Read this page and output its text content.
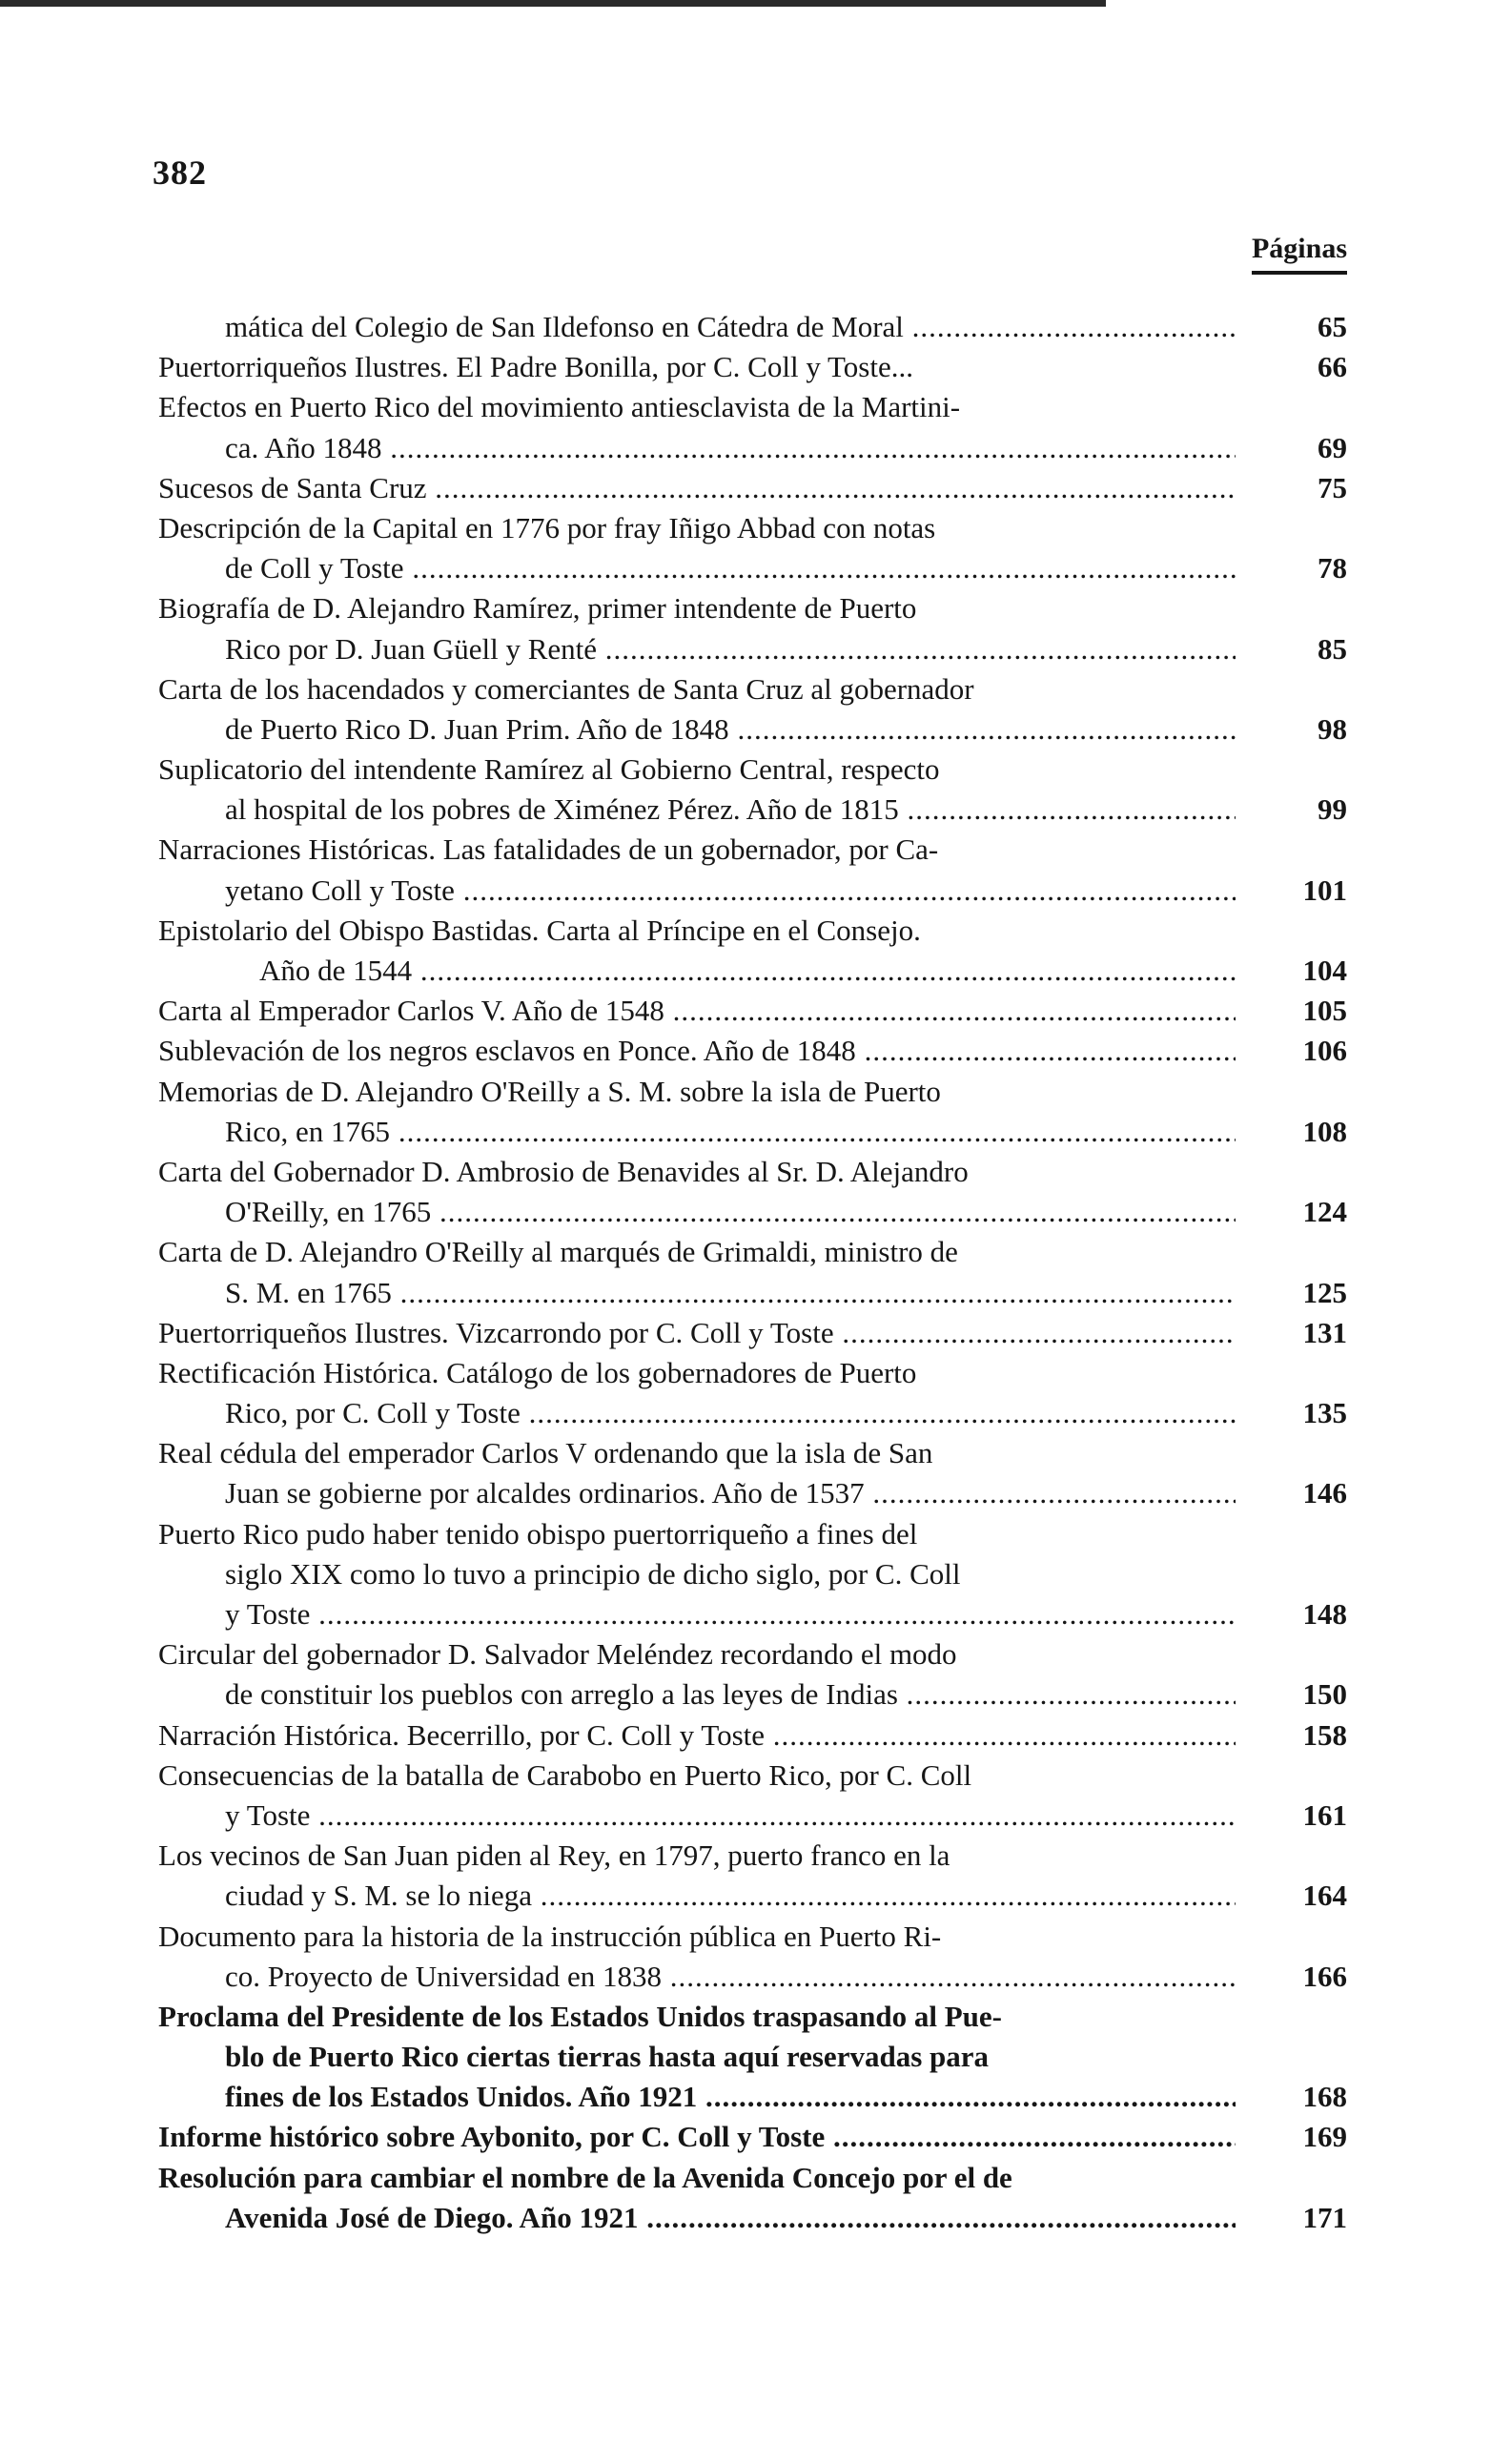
382
Páginas
mática del Colegio de San Ildefonso en Cátedra de Moral .....	65
Puertorriqueños Ilustres. El Padre Bonilla, por C. Coll y Toste...	66
Efectos en Puerto Rico del movimiento antiesclavista de la Martini-
ca. Año 1848 .....	69
Sucesos de Santa Cruz .....	75
Descripción de la Capital en 1776 por fray Iñigo Abbad con notas
de Coll y Toste .....	78
Biografía de D. Alejandro Ramírez, primer intendente de Puerto
Rico por D. Juan Güell y Renté .....	85
Carta de los hacendados y comerciantes de Santa Cruz al gobernador
de Puerto Rico D. Juan Prim. Año de 1848 .....	98
Suplicatorio del intendente Ramírez al Gobierno Central, respecto
al hospital de los pobres de Ximénez Pérez. Año de 1815 .....	99
Narraciones Históricas. Las fatalidades de un gobernador, por Ca-
yetano Coll y Toste .....	101
Epistolario del Obispo Bastidas. Carta al Príncipe en el Consejo.
Año de 1544 .....	104
Carta al Emperador Carlos V. Año de 1548 .....	105
Sublevación de los negros esclavos en Ponce. Año de 1848 .....	106
Memorias de D. Alejandro O'Reilly a S. M. sobre la isla de Puerto
Rico, en 1765 .....	108
Carta del Gobernador D. Ambrosio de Benavides al Sr. D. Alejandro
O'Reilly, en 1765 .....	124
Carta de D. Alejandro O'Reilly al marqués de Grimaldi, ministro de
S. M. en 1765 .....	125
Puertorriqueños Ilustres. Vizcarrondo por C. Coll y Toste .....	131
Rectificación Histórica. Catálogo de los gobernadores de Puerto
Rico, por C. Coll y Toste .....	135
Real cédula del emperador Carlos V ordenando que la isla de San
Juan se gobierne por alcaldes ordinarios. Año de 1537 .....	146
Puerto Rico pudo haber tenido obispo puertorriqueño a fines del
siglo XIX como lo tuvo a principio de dicho siglo, por C. Coll
y Toste .....	148
Circular del gobernador D. Salvador Meléndez recordando el modo
de constituir los pueblos con arreglo a las leyes de Indias .....	150
Narración Histórica. Becerrillo, por C. Coll y Toste .....	158
Consecuencias de la batalla de Carabobo en Puerto Rico, por C. Coll
y Toste .....	161
Los vecinos de San Juan piden al Rey, en 1797, puerto franco en la
ciudad y S. M. se lo niega .....	164
Documento para la historia de la instrucción pública en Puerto Ri-
co. Proyecto de Universidad en 1838 .....	166
Proclama del Presidente de los Estados Unidos traspasando al Pue-
blo de Puerto Rico ciertas tierras hasta aquí reservadas para
fines de los Estados Unidos. Año 1921 .....	168
Informe histórico sobre Aybonito, por C. Coll y Toste .....	169
Resolución para cambiar el nombre de la Avenida Concejo por el de
Avenida José de Diego. Año 1921 .....	171
